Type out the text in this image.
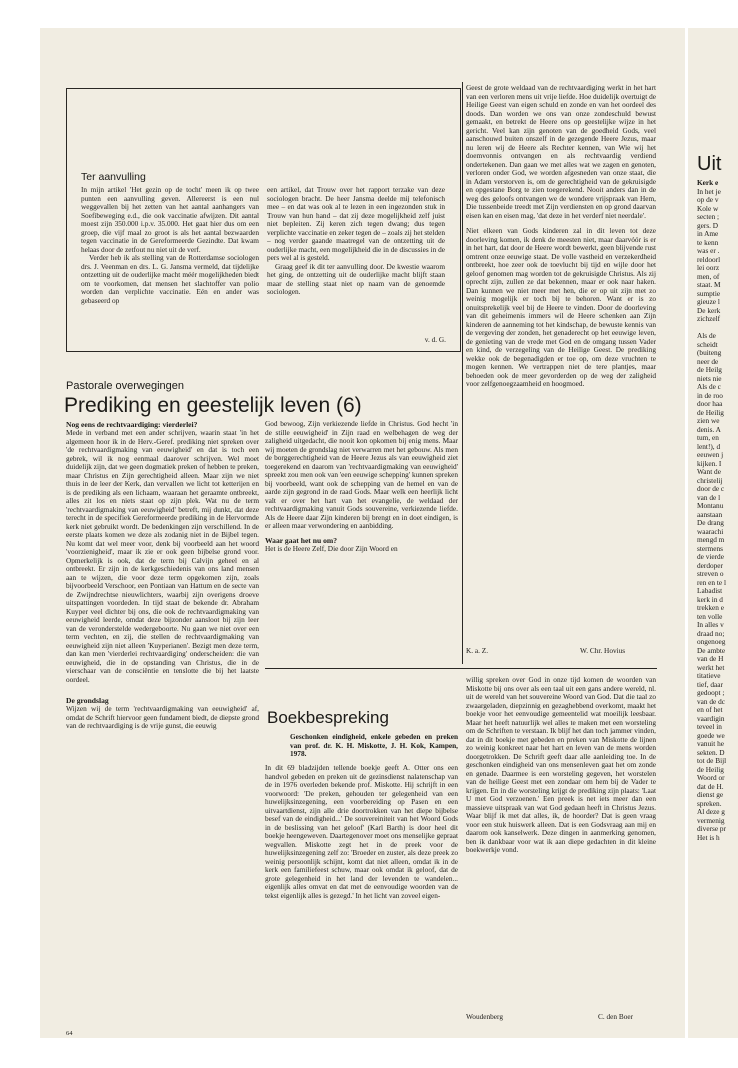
Ter aanvulling

In mijn artikel 'Het gezin op de tocht' meen ik op twee punten een aanvulling geven. Allereerst is een nul weggevallen bij het zetten van het aantal aanhangers van Soefibeweging e.d., die ook vaccinatie afwijzen. Dit aantal moest zijn 350.000 i.p.v. 35.000. Het gaat hier dus om een groep, die vijf maal zo groot is als het aantal bezwaarden tegen vaccinatie in de Gereformeerde Gezindte. Dat kwam helaas door de zetfout nu niet uit de verf.

Verder heb ik als stelling van de Rotterdamse sociologen drs. J. Veenman en drs. L. G. Jansma vermeld, dat tijdelijke ontzetting uit de ouderlijke macht méér mogelijkheden biedt om te voorkomen, dat mensen het slachtoffer van polio worden dan verplichte vaccinatie. Eén en ander was gebaseerd op

een artikel, dat Trouw over het rapport terzake van deze sociologen bracht. De heer Jansma deelde mij telefonisch mee – en dat was ook al te lezen in een ingezonden stuk in Trouw van hun hand – dat zij deze mogelijkheid zelf juist niet bepleiten. Zij keren zich tegen dwang; dus tegen verplichte vaccinatie en zeker tegen de – zoals zij het stelden – nog verder gaande maatregel van de ontzetting uit de ouderlijke macht, een mogelijkheid die in de discussies in de pers wel al is gesteld.

Graag geef ik dit ter aanvulling door. De kwestie waarom het ging, de ontzetting uit de ouderlijke macht blijft staan maar de stelling staat niet op naam van de genoemde sociologen.

v. d. G.
Pastorale overwegingen
Prediking en geestelijk leven (6)
Nog eens de rechtvaardiging: vierderlei?

Mede in verband met een ander schrijven, waarin staat 'in het algemeen hoor ik in de Herv.-Geref. prediking niet spreken over 'de rechtvaardigmaking van eeuwigheid' en dat is toch een gebrek, wil ik nog eenmaal daarover schrijven. Wel moet duidelijk zijn, dat we geen dogmatiek preken of hebben te preken, maar Christus en Zijn gerechtigheid alleen. Maar zijn we niet thuis in de leer der Kerk, dan vervallen we licht tot ketterijen en is de prediking als een lichaam, waaraan het geraamte ontbreekt, alles zit los en niets staat op zijn plek. Wat nu de term 'rechtvaardigmaking van eeuwigheid' betreft, mij dunkt, dat deze terecht in de specifiek Gereformeerde prediking in de Hervormde kerk niet gebruikt wordt. De bedenkingen zijn verschillend. In de eerste plaats komen we deze als zodanig niet in de Bijbel tegen. Nu komt dat wel meer voor, denk bij voorbeeld aan het woord 'voorzienigheid', maar ik zie er ook geen bijbelse grond voor. Opmerkelijk is ook, dat de term bij Calvijn geheel en al ontbreekt. Er zijn in de kerkgeschiedenis van ons land mensen aan te wijzen, die voor deze term opgekomen zijn, zoals bijvoorbeeld Verschoor, een Pontiaan van Hattum en de secte van de Zwijndrechtse nieuwlichters, waarbij zijn overigens droeve uitspattingen voordeden. In tijd staat de bekende dr. Abraham Kuyper veel dichter bij ons, die ook de rechtvaardigmaking van eeuwigheid leerde, omdat deze bijzonder aansloot bij zijn leer van de veronderstelde wedergeboorte. Nu gaan we niet over een term vechten, en zij, die stellen de rechtvaardigmaking van eeuwigheid zijn niet alleen 'Kuyperianen'. Bezigt men deze term, dan kan men 'vierderlei rechtvaardiging' onderscheiden: die van eeuwigheid, die in de opstanding van Christus, die in de vierschaar van de consciëntie en tenslotte die bij het laatste oordeel.

De grondslag

Wijzen wij de term 'rechtvaardigmaking van eeuwigheid' af, omdat de Schrift hiervoor geen fundament biedt, de diepste grond van de rechtvaardiging is de vrije gunst, die eeuwig

God bewoog, Zijn verkiezende liefde in Christus. God hecht 'in de stille eeuwigheid' in Zijn raad en welbehagen de weg der zaligheid uitgedacht, die nooit kon opkomen bij enig mens. Maar wij moeten de grondslag niet verwarren met het gebouw. Als men de borggerechtigheid van de Heere Jezus als van eeuwigheid ziet toegerekend en daarom van 'rechtvaardigmaking van eeuwigheid' spreekt zou men ook van 'een eeuwige schepping' kunnen spreken bij voorbeeld, want ook de schepping van de hemel en van de aarde zijn gegrond in de raad Gods. Maar welk een heerlijk licht valt er over het hart van het evangelie, de weldaad der rechtvaardigmaking vanuit Gods souvereine, verkiezende liefde. Als de Heere daar Zijn kinderen bij brengt en in doet eindigen, is er alleen maar verwondering en aanbidding.

Waar gaat het nu om?

Het is de Heere Zelf, Die door Zijn Woord en

Geest de grote weldaad van de rechtvaardiging werkt in het hart van een verloren mens uit vrije liefde. Hoe duidelijk overtuigt de Heilige Geest van eigen schuld en zonde en van het oordeel des doods. Dan worden we ons van onze zondeschuld bewust gemaakt, en betrekt de Heere ons op geestelijke wijze in het gericht. Veel kan zijn genoten van de goedheid Gods, veel aanschouwd buiten onszelf in de gezegende Heere Jezus, maar nu leren wij de Heere als Rechter kennen, van Wie wij het doemvonnis ontvangen en als rechtvaardig verdiend ondertekenen. Dan gaan we met alles wat we zagen en genoten, verloren onder God, we worden afgesneden van onze staat, die in Adam verstorven is, om de gerechtigheid van de gekruisigde en opgestane Borg te zien toegerekend. Nooit anders dan in de weg des geloofs ontvangen we de wondere vrijspraak van Hem, Die tussenbeide treedt met Zijn verdiensten en op grond daarvan eisen kan en eisen mag, 'dat deze in het verderf niet neerdale'.

Niet elkeen van Gods kinderen zal in dit leven tot deze doorleving komen, ik denk de meesten niet, maar daarvóór is er in het hart, dat door de Heere wordt bewerkt, geen blijvende rust omtrent onze eeuwige staat. De volle vastheid en verzekerdheid ontbreekt, hoe zeer ook de toevlucht bij tijd en wijle door het geloof genomen mag worden tot de gekruisigde Christus. Als zij oprecht zijn, zullen ze dat bekennen, maar er ook naar haken. Dan kunnen we niet meer met hen, die er op uit zijn met zo weinig mogelijk er toch bij te behoren. Want er is zo onuitsprekelijk veel bij de Heere te vinden. Door de doorleving van dit geheimenis immers wil de Heere schenken aan Zijn kinderen de aanneming tot het kindschap, de bewuste kennis van de vergeving der zonden, het genaderecht op het eeuwige leven, de genieting van de vrede met God en de omgang tussen Vader en kind, de verzegeling van de Heilige Geest. De prediking wekke ook de begenadigden er toe op, om deze vruchten te mogen kennen. We vertrappen niet de tere plantjes, maar behoeden ook de meer gevorderden op de weg der zaligheid voor zelfgenoegzaamheid en hoogmoed.

K. a. Z.	W. Chr. Hovius
Boekbespreking
Geschonken eindigheid, enkele gebeden en preken van prof. dr. K. H. Miskotte, J. H. Kok, Kampen, 1978.

In dit 69 bladzijden tellende boekje geeft A. Otter ons een handvol gebeden en preken uit de gezinsdienst nalatenschap van de in 1976 overleden bekende prof. Miskotte. Hij schrijft in een voorwoord: 'De preken, gehouden ter gelegenheid van een huwelijksinzegening, een voorbereiding op Pasen en een uitvaartdienst, zijn alle drie doortrokken van het diepe bijbelse besef van de eindigheid...' De souvereiniteit van het Woord Gods in de beslissing van het geloof' (Karl Barth) is door heel dit boekje heengeweven. Daartegenover moet ons menselijke gepraat wegvallen. Miskotte zegt het in de preek voor de huwelijksinzegening zelf zo: 'Broeder en zuster, als deze preek zo weinig persoonlijk schijnt, komt dat niet alleen, omdat ik in de kerk een familiefeest schuw, maar ook omdat ik geloof, dat de grote gelegenheid in het land der levenden te wandelen... eigenlijk alles omvat en dat met de eenvoudige woorden van de tekst eigenlijk alles is gezegd.' In het licht van zoveel eigen-

willig spreken over God in onze tijd komen de woorden van Miskotte bij ons over als een taal uit een gans andere wereld, nl. uit de wereld van het souvereine Woord van God. Dat die taal zo zwaargeladen, diepzinnig en gezaghebbend overkomt, maakt het boekje voor het eenvoudige gemeentelid wat moeilijk leesbaar. Maar het heeft natuurlijk wel alles te maken met een worsteling om de Schriften te verstaan. Ik blijf het dan toch jammer vinden, dat in dit boekje met gebeden en preken van Miskotte de lijnen zo weinig konkreet naar het hart en leven van de mens worden doorgetrokken. De Schrift geeft daar alle aanleiding toe. In de geschonken eindigheid van ons mensenleven gaat het om zonde en genade. Daarmee is een worsteling gegeven, het worstelen van de heilige Geest met een zondaar om hem bij de Vader te krijgen. En in die worsteling krijgt de prediking zijn plaats: 'Laat U met God verzoenen.' Een preek is net iets meer dan een massieve uitspraak van wat God gedaan heeft in Christus Jezus. Waar blijf ik met dat alles, ik, de hoorder? Dat is geen vraag voor een stuk huiswerk alleen. Dat is een Godsvraag aan mij en daarom ook kanselwerk. Deze dingen in aanmerking genomen, ben ik dankbaar voor wat ik aan diepe gedachten in dit kleine boekwerkje vond.

Woudenberg	C. den Boer
64
Uit
Kerk e
In het je
op de v
Kole w
secten ;
gers. D
in Ame
te kenn
was er .
reldoorl
lei oorz
men, of
staat. M
sumptie
gieuze l
De kerk
zichzelf

Als de
scheidt
(buiteng
neer de
de Heilg
niets nie
Als de c
in de roo
door haa
de Heilig
zien we
denis. A
tum, en
lent!), d
eeuwen j
kijken. I
Want de
christelij
door de c
van de l
Montanu
aanstaan
De drang
waarachi
mengd m
stermens
de vierde
derdoper
streven o
ren en te l
Labadist
kerk in d
trekken e
ten volle
In alles v
draad no;
ongenoeg
De ambte
van de H
werkt het
titatieve
tief, daar
gedoopt ;
van de dc
en of het
vaardigin
teveel in
goede we
vanuit he
sekten. D
tot de Bijl
de Heilig
Woord or
dat de H.
dienst ge
spreken.
Al deze g
vermenig
diverse pr
Het is h
